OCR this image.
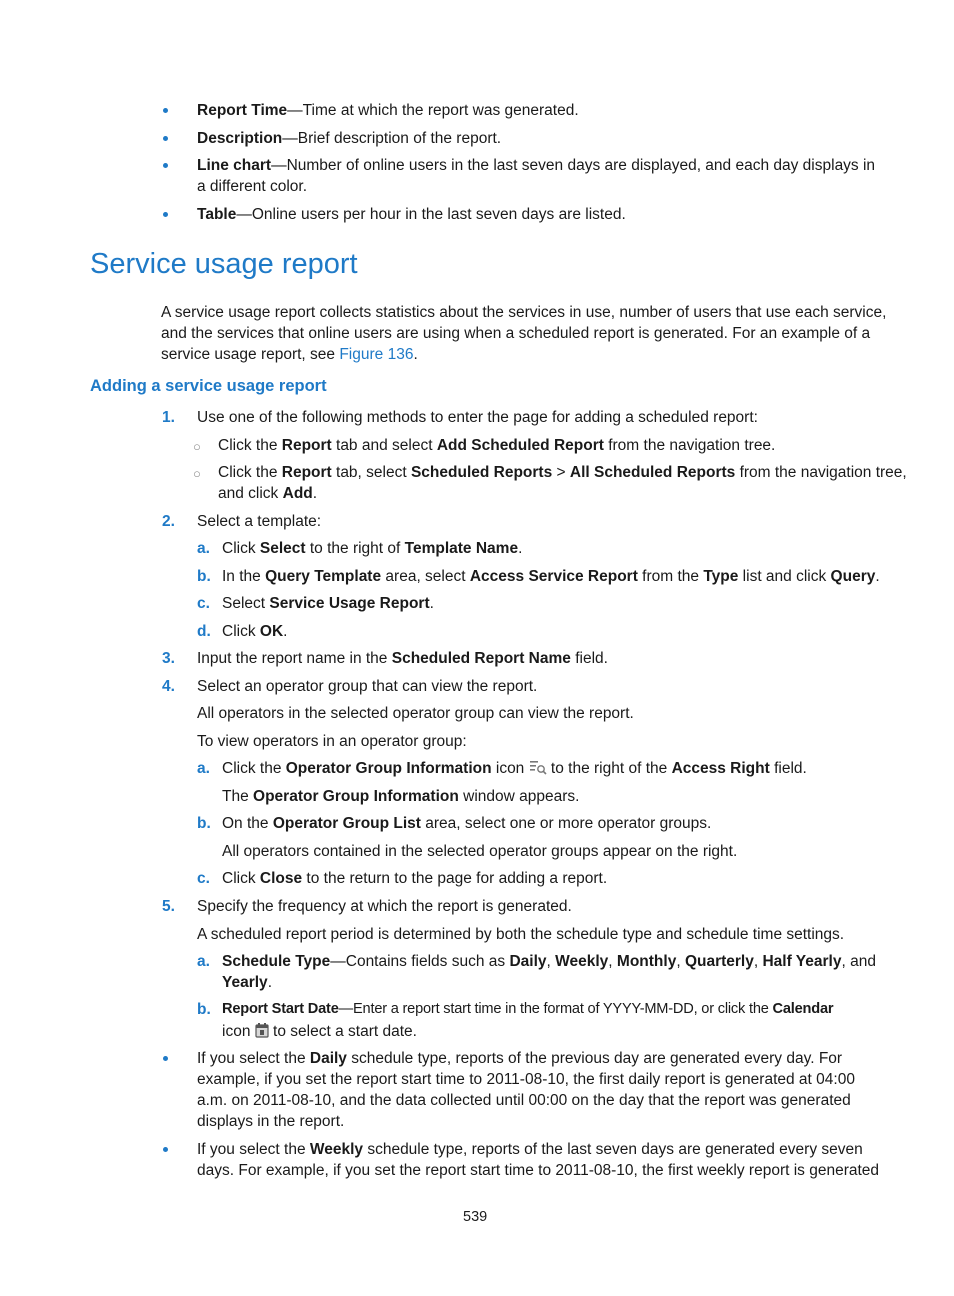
Report Time—Time at which the report was generated.
Description—Brief description of the report.
Line chart—Number of online users in the last seven days are displayed, and each day displays in
a different color.
Table—Online users per hour in the last seven days are listed.
Service usage report
A service usage report collects statistics about the services in use, number of users that use each service,
and the services that online users are using when a scheduled report is generated. For an example of a
service usage report, see Figure 136.
Adding a service usage report
1. Use one of the following methods to enter the page for adding a scheduled report:
○ Click the Report tab and select Add Scheduled Report from the navigation tree.
○ Click the Report tab, select Scheduled Reports > All Scheduled Reports from the navigation tree,
and click Add.
2. Select a template:
a. Click Select to the right of Template Name.
b. In the Query Template area, select Access Service Report from the Type list and click Query.
c. Select Service Usage Report.
d. Click OK.
3. Input the report name in the Scheduled Report Name field.
4. Select an operator group that can view the report.
All operators in the selected operator group can view the report.
To view operators in an operator group:
a. Click the Operator Group Information icon  to the right of the Access Right field.
The Operator Group Information window appears.
b. On the Operator Group List area, select one or more operator groups.
All operators contained in the selected operator groups appear on the right.
c. Click Close to the return to the page for adding a report.
5. Specify the frequency at which the report is generated.
A scheduled report period is determined by both the schedule type and schedule time settings.
a. Schedule Type—Contains fields such as Daily, Weekly, Monthly, Quarterly, Half Yearly, and
Yearly.
b. Report Start Date—Enter a report start time in the format of YYYY-MM-DD, or click the Calendar
icon  to select a start date.
If you select the Daily schedule type, reports of the previous day are generated every day. For
example, if you set the report start time to 2011-08-10, the first daily report is generated at 04:00
a.m. on 2011-08-10, and the data collected until 00:00 on the day that the report was generated
displays in the report.
If you select the Weekly schedule type, reports of the last seven days are generated every seven
days. For example, if you set the report start time to 2011-08-10, the first weekly report is generated
539
